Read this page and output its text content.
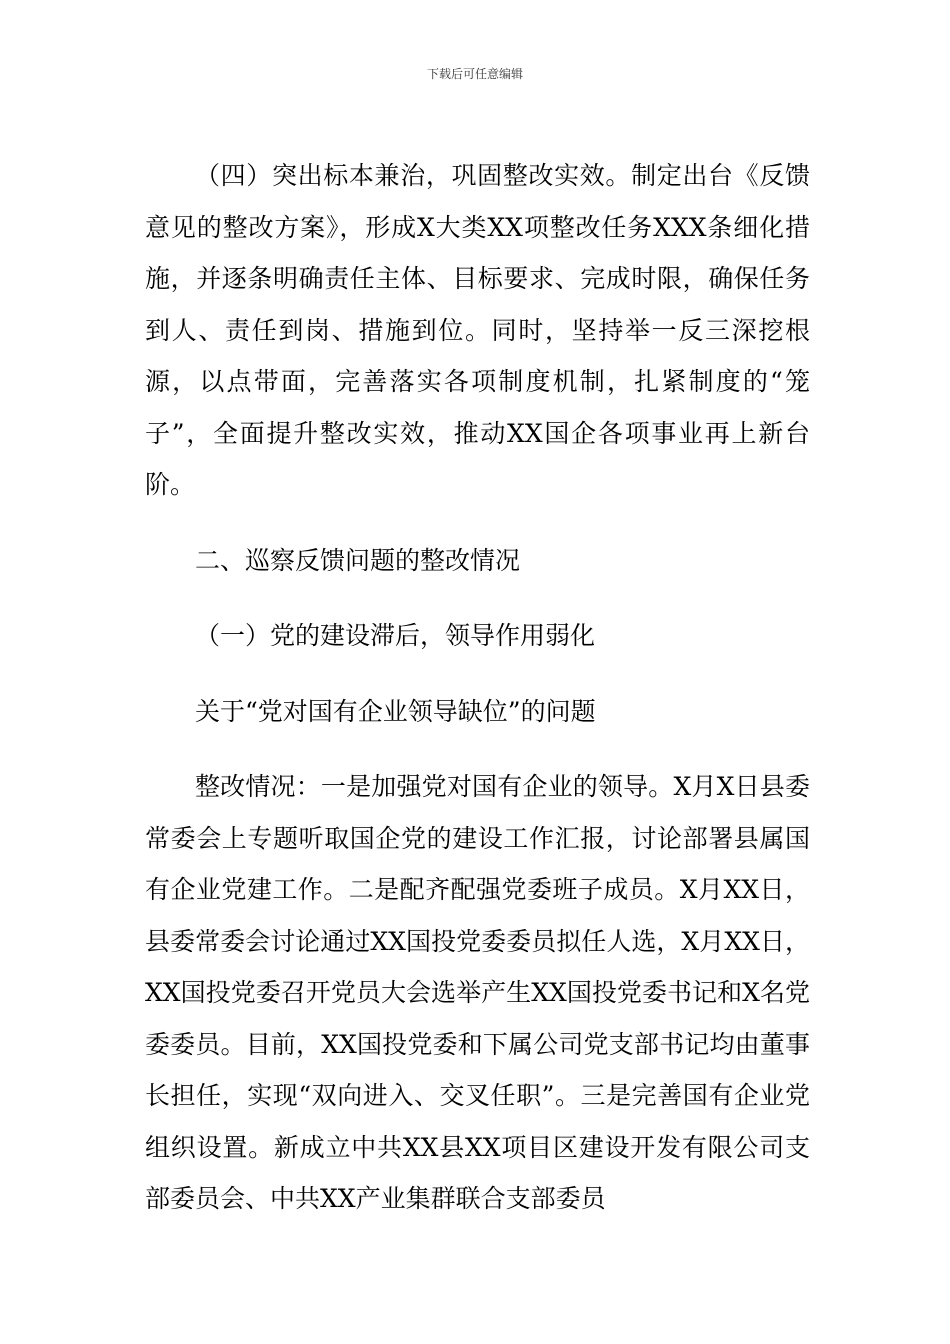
下载后可任意编辑

（四）突出标本兼治，巩固整改实效。制定出台《反馈意见的整改方案》，形成X大类XX项整改任务XXX条细化措施，并逐条明确责任主体、目标要求、完成时限，确保任务到人、责任到岗、措施到位。同时，坚持举一反三深挖根源，以点带面，完善落实各项制度机制，扎紧制度的“笼子”，全面提升整改实效，推动XX国企各项事业再上新台阶。

二、巡察反馈问题的整改情况

（一）党的建设滞后，领导作用弱化

关于“党对国有企业领导缺位”的问题

整改情况：一是加强党对国有企业的领导。X月X日县委常委会上专题听取国企党的建设工作汇报，讨论部署县属国有企业党建工作。二是配齐配强党委班子成员。X月XX日，县委常委会讨论通过XX国投党委委员拟任人选，X月XX日，XX国投党委召开党员大会选举产生XX国投党委书记和X名党委委员。目前，XX国投党委和下属公司党支部书记均由董事长担任，实现“双向进入、交叉任职”。三是完善国有企业党组织设置。新成立中共XX县XX项目区建设开发有限公司支部委员会、中共XX产业集群联合支部委员
